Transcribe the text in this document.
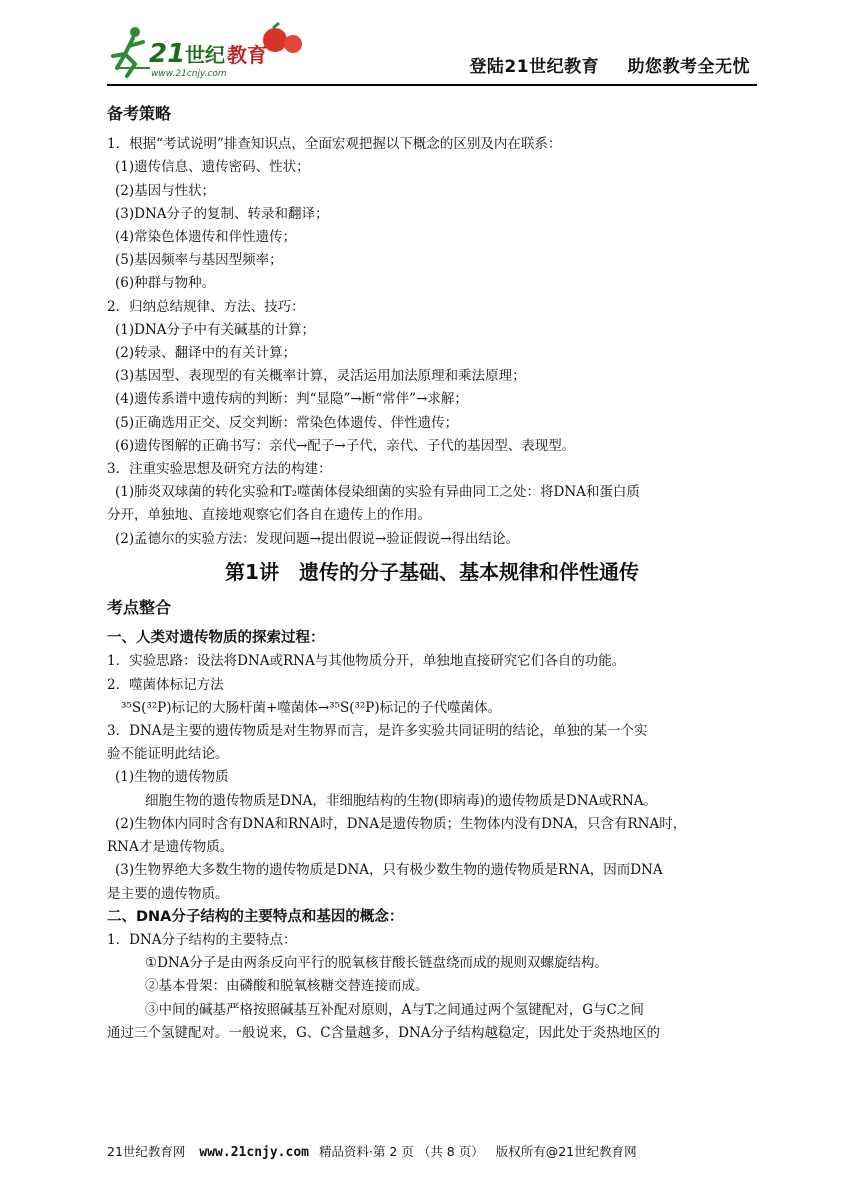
21 世纪 教育
www.21cnjy.com	登陆21世纪教育 助您教考全无忧
备考策略
1．根据“考试说明”排查知识点，全面宏观把握以下概念的区别及内在联系：
(1)遗传信息、遗传密码、性状；
(2)基因与性状；
(3)DNA分子的复制、转录和翻译；
(4)常染色体遗传和伴性遗传；
(5)基因频率与基因型频率；
(6)种群与物种。
2．归纳总结规律、方法、技巧：
(1)DNA分子中有关碱基的计算；
(2)转录、翻译中的有关计算；
(3)基因型、表现型的有关概率计算，灵活运用加法原理和乘法原理；
(4)遗传系谱中遗传病的判断：判“显隐”→断“常伴”→求解；
(5)正确选用正交、反交判断：常染色体遗传、伴性遗传；
(6)遗传图解的正确书写：亲代→配子→子代，亲代、子代的基因型、表现型。
3．注重实验思想及研究方法的构建：
(1)肺炎双球菌的转化实验和T₂噬菌体侵染细菌的实验有异曲同工之处：将DNA和蛋白质
分开，单独地、直接地观察它们各自在遗传上的作用。
(2)孟德尔的实验方法：发现问题→提出假说→验证假说→得出结论。
第1讲　遗传的分子基础、基本规律和伴性通传
考点整合
一、人类对遗传物质的探索过程：
1．实验思路：设法将DNA或RNA与其他物质分开，单独地直接研究它们各自的功能。
2．噬菌体标记方法
³⁵S(³²P)标记的大肠杆菌+噬菌体→³⁵S(³²P)标记的子代噬菌体。
3．DNA是主要的遗传物质是对生物界而言，是许多实验共同证明的结论，单独的某一个实
验不能证明此结论。
(1)生物的遗传物质
细胞生物的遗传物质是DNA，非细胞结构的生物(即病毒)的遗传物质是DNA或RNA。
(2)生物体内同时含有DNA和RNA时，DNA是遗传物质；生物体内没有DNA，只含有RNA时，
RNA才是遗传物质。
(3)生物界绝大多数生物的遗传物质是DNA，只有极少数生物的遗传物质是RNA，因而DNA
是主要的遗传物质。
二、DNA分子结构的主要特点和基因的概念：
1．DNA分子结构的主要特点：
①DNA分子是由两条反向平行的脱氧核苷酸长链盘绕而成的规则双螺旋结构。
②基本骨架：由磷酸和脱氧核糖交替连接而成。
③中间的碱基严格按照碱基互补配对原则，A与T之间通过两个氢键配对，G与C之间
通过三个氢键配对。一般说来，G、C含量越多，DNA分子结构越稳定，因此处于炎热地区的
21世纪教育网 www.21cnjy.com 精品资料·第 2 页 （共 8 页） 版权所有@21世纪教育网
